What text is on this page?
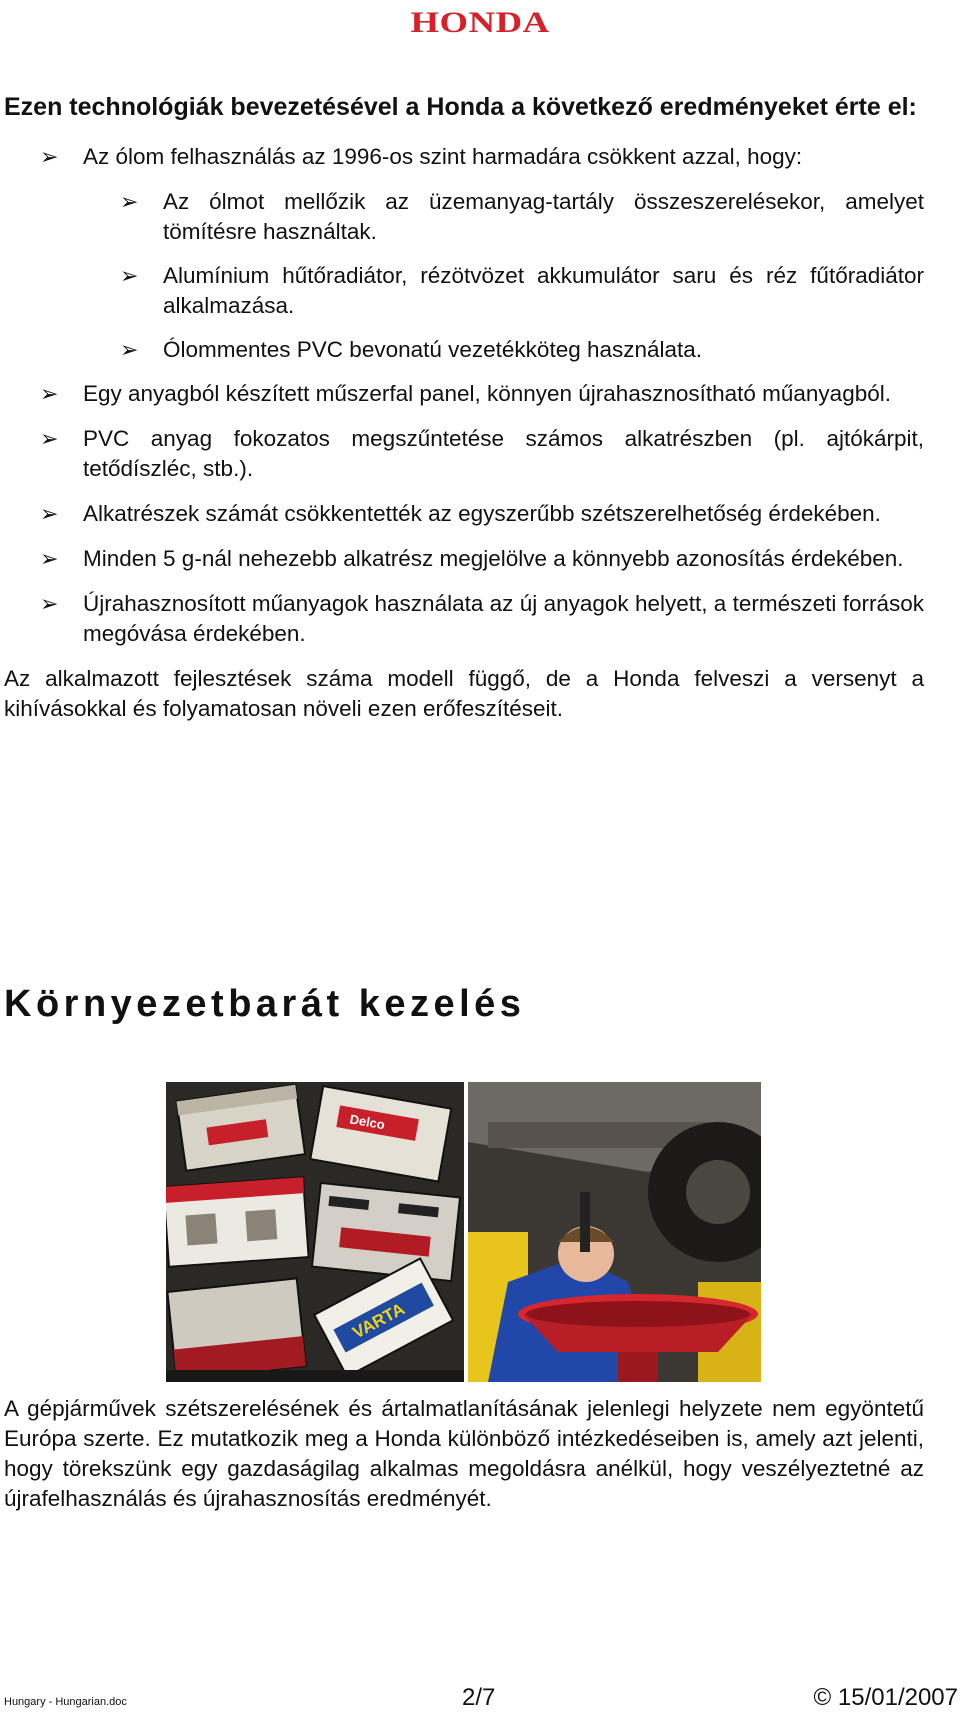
HONDA

Ezen technológiák bevezetésével a Honda a következő eredményeket érte el:

➢ Az ólom felhasználás az 1996-os szint harmadára csökkent azzal, hogy:
➢ Az ólmot mellőzik az üzemanyag-tartály összeszerelésekor, amelyet tömítésre használtak.
➢ Alumínium hűtőradiátor, rézötvözet akkumulátor saru és réz fűtőradiátor alkalmazása.
➢ Ólommentes PVC bevonatú vezetékköteg használata.
➢ Egy anyagból készített műszerfal panel, könnyen újrahasznosítható műanyagból.
➢ PVC anyag fokozatos megszűntetése számos alkatrészben (pl. ajtókárpit, tetődíszléc, stb.).
➢ Alkatrészek számát csökkentették az egyszerűbb szétszerelhetőség érdekében.
➢ Minden 5 g-nál nehezebb alkatrész megjelölve a könnyebb azonosítás érdekében.
➢ Újrahasznosított műanyagok használata az új anyagok helyett, a természeti források megóvása érdekében.

Az alkalmazott fejlesztések száma modell függő, de a Honda felveszi a versenyt a kihívásokkal és folyamatosan növeli ezen erőfeszítéseit.

Környezetbarát kezelés
Delco
VARTA

A gépjárművek szétszerelésének és ártalmatlanításának jelenlegi helyzete nem egyöntetű Európa szerte. Ez mutatkozik meg a Honda különböző intézkedéseiben is, amely azt jelenti, hogy törekszünk egy gazdaságilag alkalmas megoldásra anélkül, hogy veszélyeztetné az újrafelhasználás és újrahasznosítás eredményét.

Hungary - Hungarian.doc	2/7	© 15/01/2007
